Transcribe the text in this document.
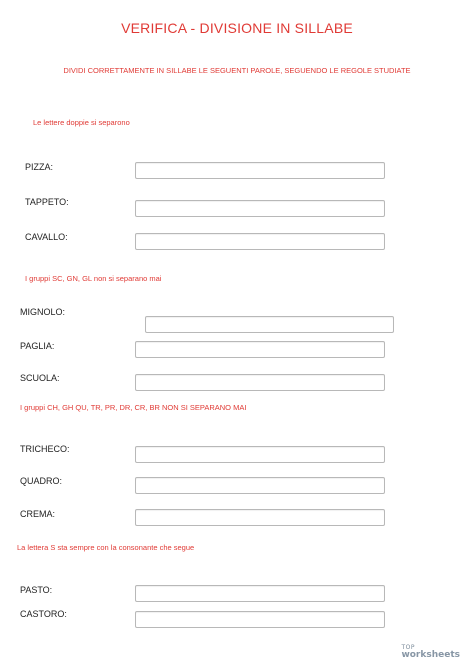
VERIFICA - DIVISIONE IN SILLABE
DIVIDI CORRETTAMENTE IN SILLABE LE SEGUENTI PAROLE, SEGUENDO LE REGOLE STUDIATE
Le lettere doppie si separono
PIZZA:
TAPPETO:
CAVALLO:
I gruppi SC, GN, GL non si separano mai
MIGNOLO:
PAGLIA:
SCUOLA:
I gruppi CH, GH QU, TR, PR, DR, CR, BR NON SI SEPARANO MAI
TRICHECO:
QUADRO:
CREMA:
La lettera S sta sempre con la consonante che segue
PASTO:
CASTORO:
TOP
worksheets
